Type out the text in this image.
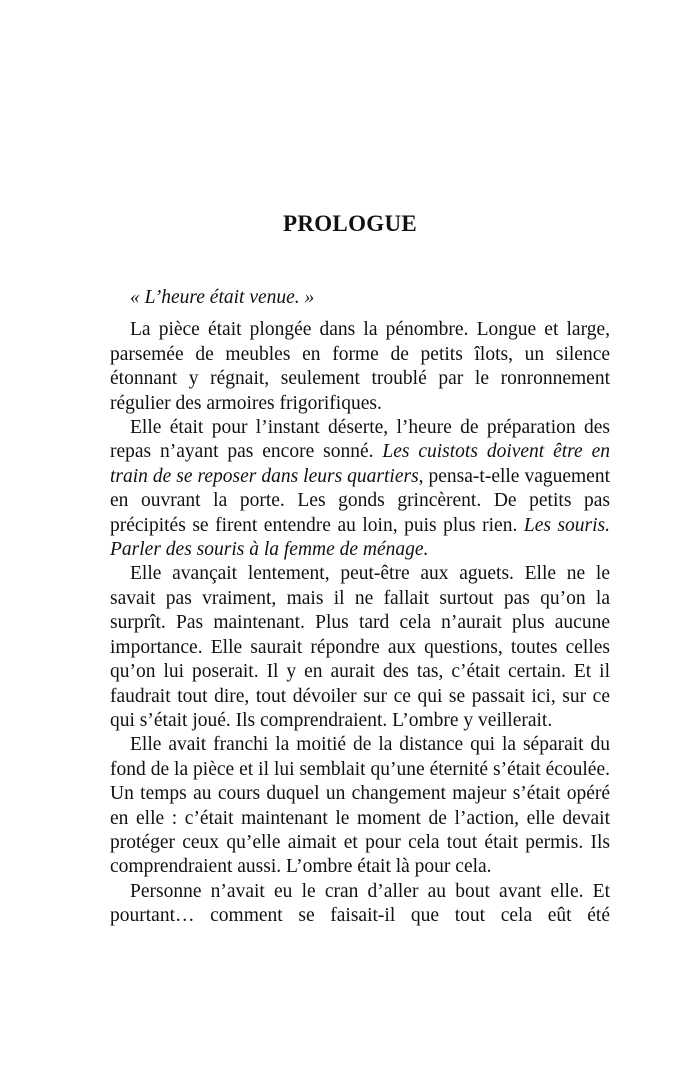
PROLOGUE

« L’heure était venue. »

La pièce était plongée dans la pénombre. Longue et large, parsemée de meubles en forme de petits îlots, un silence étonnant y régnait, seulement troublé par le ronronnement régulier des armoires frigorifiques.

Elle était pour l’instant déserte, l’heure de préparation des repas n’ayant pas encore sonné. Les cuistots doivent être en train de se reposer dans leurs quartiers, pensa-t-elle vaguement en ouvrant la porte. Les gonds grincèrent. De petits pas précipités se firent entendre au loin, puis plus rien. Les souris. Parler des souris à la femme de ménage.

Elle avançait lentement, peut-être aux aguets. Elle ne le savait pas vraiment, mais il ne fallait surtout pas qu’on la surprît. Pas maintenant. Plus tard cela n’aurait plus aucune importance. Elle saurait répondre aux questions, toutes celles qu’on lui poserait. Il y en aurait des tas, c’était certain. Et il faudrait tout dire, tout dévoiler sur ce qui se passait ici, sur ce qui s’était joué. Ils comprendraient. L’ombre y veillerait.

Elle avait franchi la moitié de la distance qui la séparait du fond de la pièce et il lui semblait qu’une éternité s’était écoulée. Un temps au cours duquel un changement majeur s’était opéré en elle : c’était maintenant le moment de l’action, elle devait protéger ceux qu’elle aimait et pour cela tout était permis. Ils comprendraient aussi. L’ombre était là pour cela.

Personne n’avait eu le cran d’aller au bout avant elle. Et pourtant… comment se faisait-il que tout cela eût été
